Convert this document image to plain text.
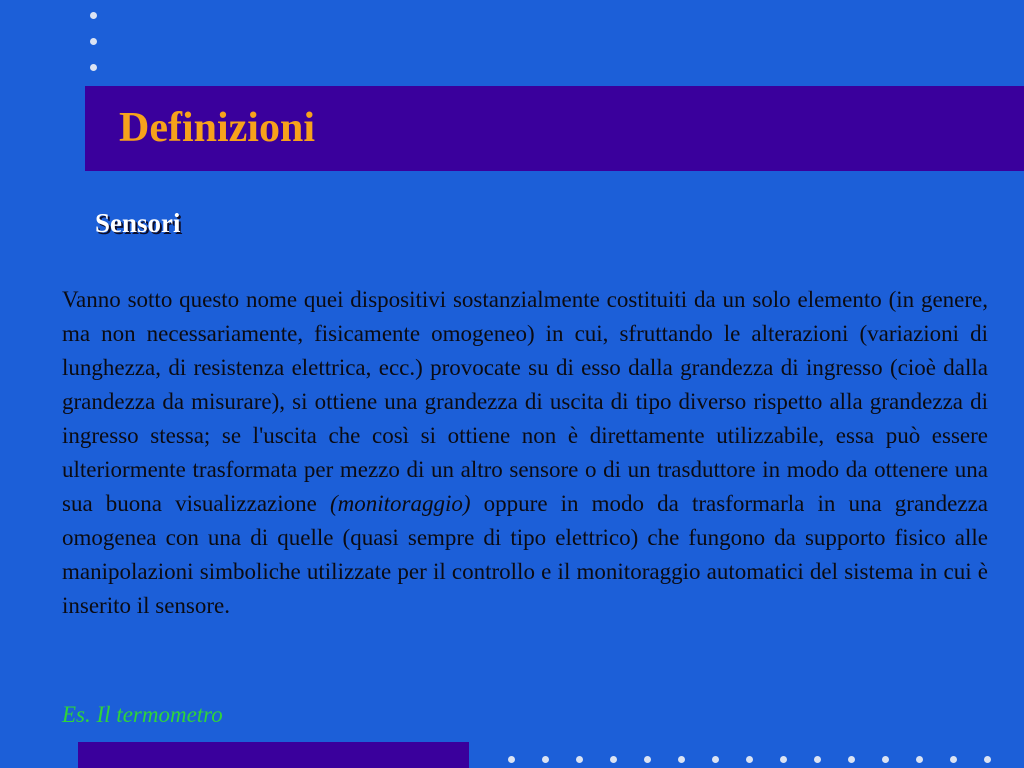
Definizioni
Sensori

Vanno sotto questo nome quei dispositivi sostanzialmente costituiti da un solo elemento (in genere, ma non necessariamente, fisicamente omogeneo) in cui, sfruttando le alterazioni (variazioni di lunghezza, di resistenza elettrica, ecc.) provocate su di esso dalla grandezza di ingresso (cioè dalla grandezza da misurare), si ottiene una grandezza di uscita di tipo diverso rispetto alla grandezza di ingresso stessa; se l'uscita che così si ottiene non è direttamente utilizzabile, essa può essere ulteriormente trasformata per mezzo di un altro sensore o di un trasduttore in modo da ottenere una sua buona visualizzazione (monitoraggio) oppure in modo da trasformarla in una grandezza omogenea con una di quelle (quasi sempre di tipo elettrico) che fungono da supporto fisico alle manipolazioni simboliche utilizzate per il controllo e il monitoraggio automatici del sistema in cui è inserito il sensore.

Es. Il termometro
